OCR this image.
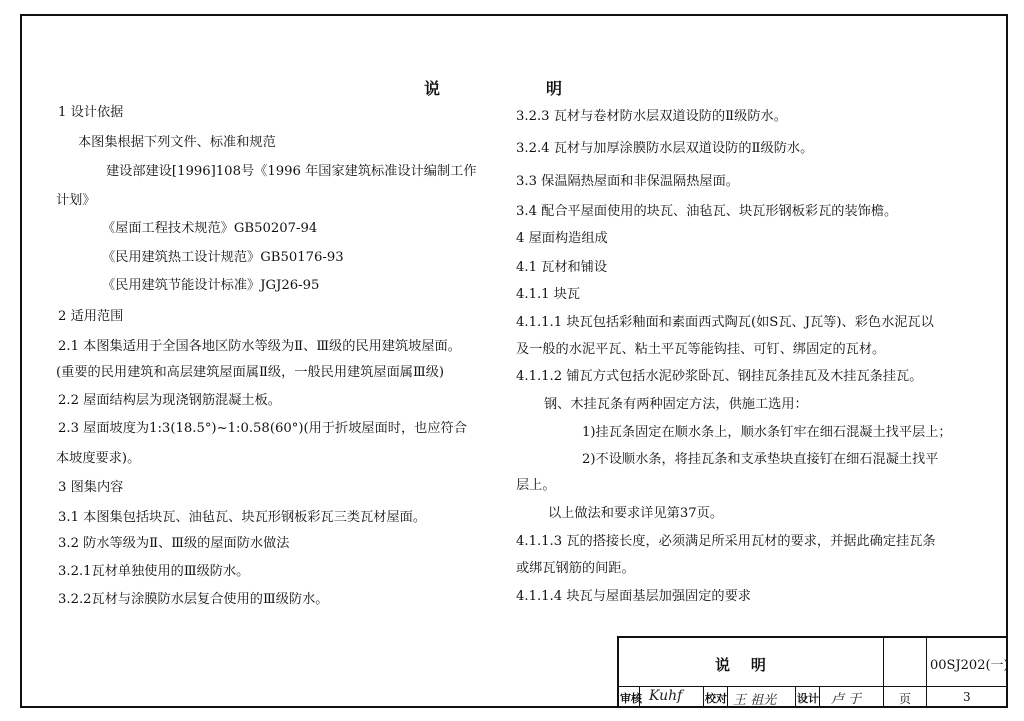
说	明
1 设计依据
本图集根据下列文件、标准和规范
建设部建设[1996]108号《1996 年国家建筑标准设计编制工作
计划》
《屋面工程技术规范》GB50207-94
《民用建筑热工设计规范》GB50176-93
《民用建筑节能设计标准》JGJ26-95
2 适用范围
2.1 本图集适用于全国各地区防水等级为Ⅱ、Ⅲ级的民用建筑坡屋面。
(重要的民用建筑和高层建筑屋面属Ⅱ级，一般民用建筑屋面属Ⅲ级)
2.2 屋面结构层为现浇钢筋混凝土板。
2.3 屋面坡度为1:3(18.5°)~1:0.58(60°)(用于折坡屋面时，也应符合
本坡度要求)。
3 图集内容
3.1 本图集包括块瓦、油毡瓦、块瓦形钢板彩瓦三类瓦材屋面。
3.2 防水等级为Ⅱ、Ⅲ级的屋面防水做法
3.2.1瓦材单独使用的Ⅲ级防水。
3.2.2瓦材与涂膜防水层复合使用的Ⅲ级防水。
3.2.3 瓦材与卷材防水层双道设防的Ⅱ级防水。
3.2.4 瓦材与加厚涂膜防水层双道设防的Ⅱ级防水。
3.3 保温隔热屋面和非保温隔热屋面。
3.4 配合平屋面使用的块瓦、油毡瓦、块瓦形钢板彩瓦的装饰檐。
4 屋面构造组成
4.1 瓦材和铺设
4.1.1 块瓦
4.1.1.1 块瓦包括彩釉面和素面西式陶瓦(如S瓦、J瓦等)、彩色水泥瓦以
及一般的水泥平瓦、粘土平瓦等能钩挂、可钉、绑固定的瓦材。
4.1.1.2 铺瓦方式包括水泥砂浆卧瓦、钢挂瓦条挂瓦及木挂瓦条挂瓦。
钢、木挂瓦条有两种固定方法，供施工选用：
1)挂瓦条固定在顺水条上，顺水条钉牢在细石混凝土找平层上；
2)不设顺水条，将挂瓦条和支承垫块直接钉在细石混凝土找平
层上。
以上做法和要求详见第37页。
4.1.1.3 瓦的搭接长度，必须满足所采用瓦材的要求，并据此确定挂瓦条
或绑瓦钢筋的间距。
4.1.1.4 块瓦与屋面基层加强固定的要求
说    明	00SJ202(一)
审核 Kuhf 校对 王 祖光 设计 卢 于	页	3
